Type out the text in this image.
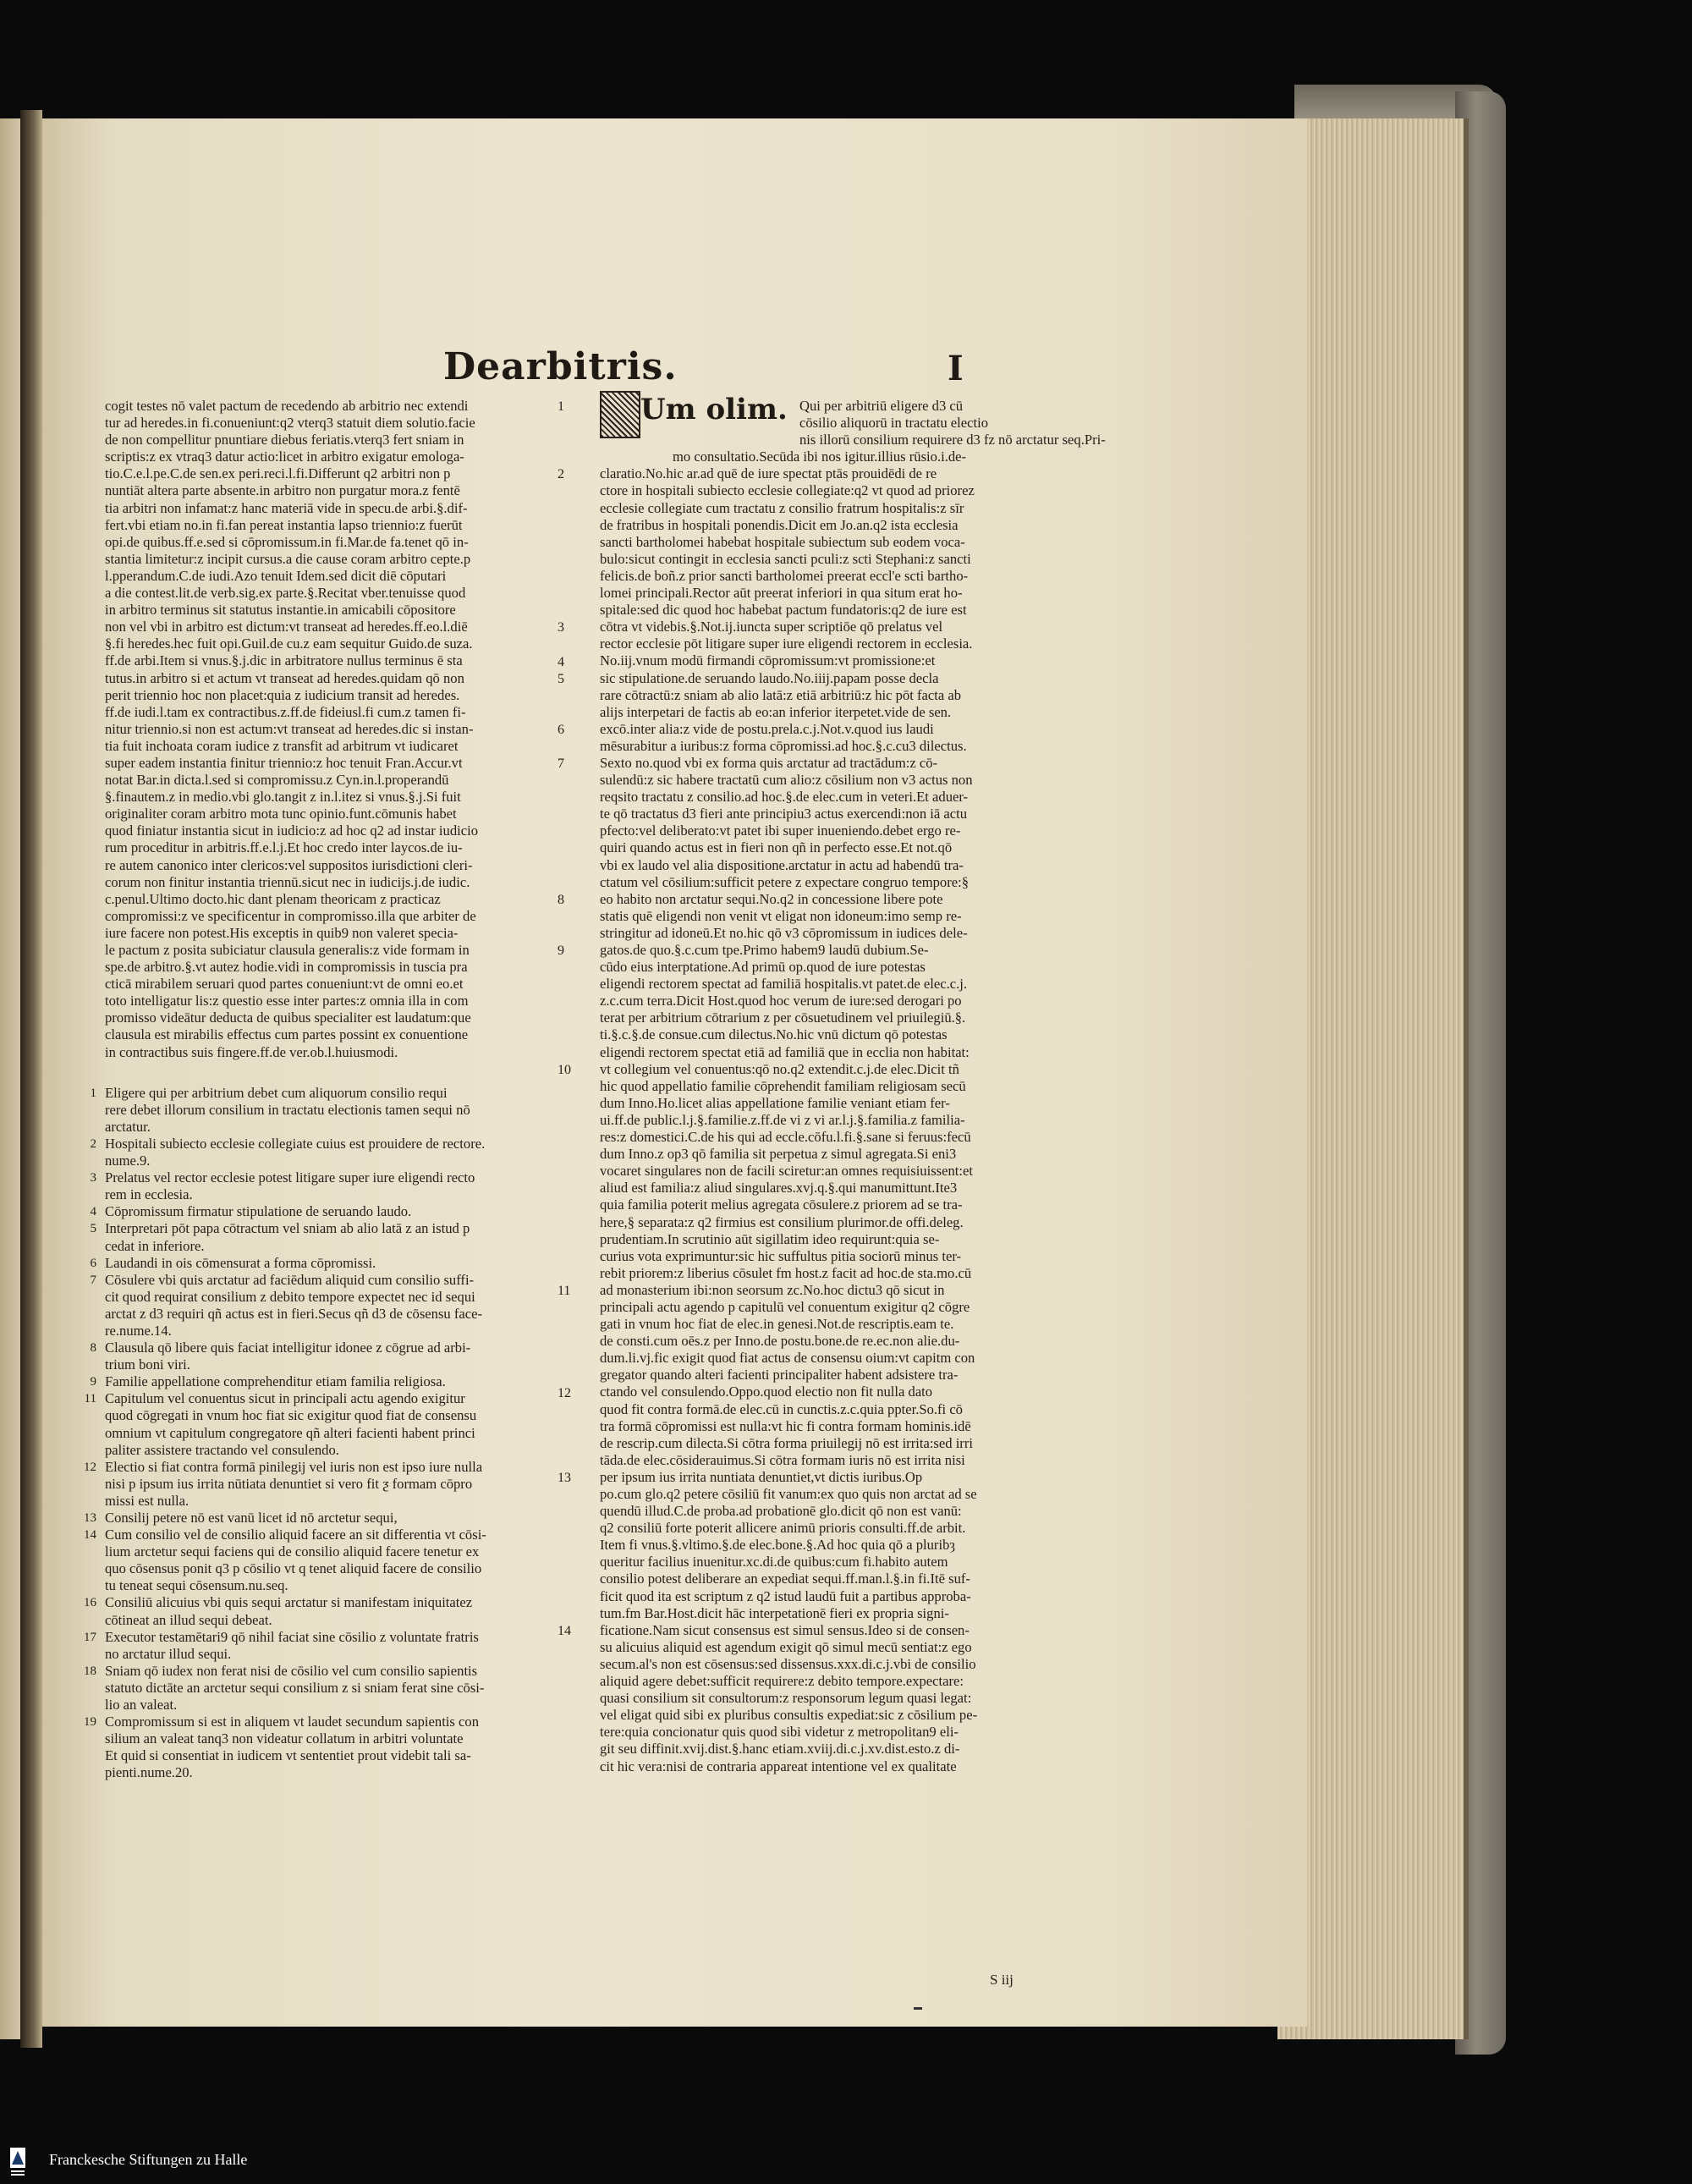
Dearbitris.	I

cogit testes nō valet pactum de recedendo ab arbitrio nec extendi

tur ad heredes.in fi.conueniunt:q2 vterq3 statuit diem solutio.facie

de non compellitur pnuntiare diebus feriatis.vterq3 fert sniam in

scriptis:z ex vtraq3 datur actio:licet in arbitro exigatur emologa-

tio.C.e.l.pe.C.de sen.ex peri.reci.l.fi.Differunt q2 arbitri non p

nuntiāt altera parte absente.in arbitro non purgatur mora.z fentē

tia arbitri non infamat:z hanc materiā vide in specu.de arbi.§.dif-

fert.vbi etiam no.in fi.fan pereat instantia lapso triennio:z fuerūt

opi.de quibus.ff.e.sed si cōpromissum.in fi.Mar.de fa.tenet qō in-

stantia limitetur:z incipit cursus.a die cause coram arbitro cepte.p

l.pperandum.C.de iudi.Azo tenuit Idem.sed dicit diē cōputari

a die contest.lit.de verb.sig.ex parte.§.Recitat vber.tenuisse quod

in arbitro terminus sit statutus instantie.in amicabili cōpositore

non vel vbi in arbitro est dictum:vt transeat ad heredes.ff.eo.l.diē

§.fi heredes.hec fuit opi.Guil.de cu.z eam sequitur Guido.de suza.

ff.de arbi.Item si vnus.§.j.dic in arbitratore nullus terminus ē sta

tutus.in arbitro si et actum vt transeat ad heredes.quidam qō non

perit triennio hoc non placet:quia z iudicium transit ad heredes.

ff.de iudi.l.tam ex contractibus.z.ff.de fideiusl.fi cum.z tamen fi-

nitur triennio.si non est actum:vt transeat ad heredes.dic si instan-

tia fuit inchoata coram iudice z transfit ad arbitrum vt iudicaret

super eadem instantia finitur triennio:z hoc tenuit Fran.Accur.vt

notat Bar.in dicta.l.sed si compromissu.z Cyn.in.l.properandū

§.finautem.z in medio.vbi glo.tangit z in.l.itez si vnus.§.j.Si fuit

originaliter coram arbitro mota tunc opinio.funt.cōmunis habet

quod finiatur instantia sicut in iudicio:z ad hoc q2 ad instar iudicio

rum proceditur in arbitris.ff.e.l.j.Et hoc credo inter laycos.de iu-

re autem canonico inter clericos:vel suppositos iurisdictioni cleri-

corum non finitur instantia triennū.sicut nec in iudicijs.j.de iudic.

c.penul.Ultimo docto.hic dant plenam theoricam z practicaz

compromissi:z ve specificentur in compromisso.illa que arbiter de

iure facere non potest.His exceptis in quib9 non valeret specia-

le pactum z posita subiciatur clausula generalis:z vide formam in

spe.de arbitro.§.vt autez hodie.vidi in compromissis in tuscia pra

cticā mirabilem seruari quod partes conueniunt:vt de omni eo.et

toto intelligatur lis:z questio esse inter partes:z omnia illa in com

promisso videātur deducta de quibus specialiter est laudatum:que

clausula est mirabilis effectus cum partes possint ex conuentione

in contractibus suis fingere.ff.de ver.ob.l.huiusmodi.

1 Eligere qui per arbitrium debet cum aliquorum consilio requi

rere debet illorum consilium in tractatu electionis tamen sequi nō

arctatur.

2 Hospitali subiecto ecclesie collegiate cuius est prouidere de rectore.

nume.9.

3 Prelatus vel rector ecclesie potest litigare super iure eligendi recto

rem in ecclesia.

4 Cōpromissum firmatur stipulatione de seruando laudo.

5 Interpretari pōt papa cōtractum vel sniam ab alio latā z an istud p

cedat in inferiore.

6 Laudandi in ois cōmensurat a forma cōpromissi.

7 Cōsulere vbi quis arctatur ad faciēdum aliquid cum consilio suffi-

cit quod requirat consilium z debito tempore expectet nec id sequi

arctat z d3 requiri qñ actus est in fieri.Secus qñ d3 de cōsensu face-

re.nume.14.

8 Clausula qō libere quis faciat intelligitur idonee z cōgrue ad arbi-

trium boni viri.

9 Familie appellatione comprehenditur etiam familia religiosa.

11 Capitulum vel conuentus sicut in principali actu agendo exigitur

quod cōgregati in vnum hoc fiat sic exigitur quod fiat de consensu

omnium vt capitulum congregatore qñ alteri facienti habent princi

paliter assistere tractando vel consulendo.

12 Electio si fiat contra formā pinilegij vel iuris non est ipso iure nulla

nisi p ipsum ius irrita nūtiata denuntiet si vero fit ƺ formam cōpro

missi est nulla.

13 Consilij petere nō est vanū licet id nō arctetur sequi,

14 Cum consilio vel de consilio aliquid facere an sit differentia vt cōsi-

lium arctetur sequi faciens qui de consilio aliquid facere tenetur ex

quo cōsensus ponit q3 p cōsilio vt q tenet aliquid facere de consilio

tu teneat sequi cōsensum.nu.seq.

16 Consiliū alicuius vbi quis sequi arctatur si manifestam iniquitatez

cōtineat an illud sequi debeat.

17 Executor testamētari9 qō nihil faciat sine cōsilio z voluntate fratris

no arctatur illud sequi.

18 Sniam qō iudex non ferat nisi de cōsilio vel cum consilio sapientis

statuto dictāte an arctetur sequi consilium z si sniam ferat sine cōsi-

lio an valeat.

19 Compromissum si est in aliquem vt laudet secundum sapientis con

silium an valeat tanq3 non videatur collatum in arbitri voluntate

Et quid si consentiat in iudicem vt sententiet prout videbit tali sa-

pienti.nume.20.

Um olim. Qui per arbitriū eligere d3 cū

cōsilio aliquorū in tractatu electio

nis illorū consilium requirere d3 fz nō arctatur seq.Pri-

mo consultatio.Secūda ibi nos igitur.illius rūsio.i.de-

claratio.No.hic ar.ad quē de iure spectat ptās prouidēdi de re

ctore in hospitali subiecto ecclesie collegiate:q2 vt quod ad priorez

ecclesie collegiate cum tractatu z consilio fratrum hospitalis:z sīr

de fratribus in hospitali ponendis.Dicit em Jo.an.q2 ista ecclesia

sancti bartholomei habebat hospitale subiectum sub eodem voca-

bulo:sicut contingit in ecclesia sancti pculi:z scti Stephani:z sancti

felicis.de boñ.z prior sancti bartholomei preerat eccl'e scti bartho-

lomei principali.Rector aūt preerat inferiori in qua situm erat ho-

spitale:sed dic quod hoc habebat pactum fundatoris:q2 de iure est

cōtra vt videbis.§.Not.ij.iuncta super scriptiōe qō prelatus vel

rector ecclesie pōt litigare super iure eligendi rectorem in ecclesia.

No.iij.vnum modū firmandi cōpromissum:vt promissione:et

sic stipulatione.de seruando laudo.No.iiij.papam posse decla

rare cōtractū:z sniam ab alio latā:z etiā arbitriū:z hic pōt facta ab

alijs interpetari de factis ab eo:an inferior iterpetet.vide de sen.

excō.inter alia:z vide de postu.prela.c.j.Not.v.quod ius laudi

mēsurabitur a iuribus:z forma cōpromissi.ad hoc.§.c.cu3 dilectus.

Sexto no.quod vbi ex forma quis arctatur ad tractādum:z cō-

sulendū:z sic habere tractatū cum alio:z cōsilium non v3 actus non

reqsito tractatu z consilio.ad hoc.§.de elec.cum in veteri.Et aduer-

te qō tractatus d3 fieri ante principiu3 actus exercendi:non iā actu

pfecto:vel deliberato:vt patet ibi super inueniendo.debet ergo re-

quiri quando actus est in fieri non qñ in perfecto esse.Et not.qō

vbi ex laudo vel alia dispositione.arctatur in actu ad habendū tra-

ctatum vel cōsilium:sufficit petere z expectare congruo tempore:§

eo habito non arctatur sequi.No.q2 in concessione libere pote

statis quē eligendi non venit vt eligat non idoneum:imo semp re-

stringitur ad idoneū.Et no.hic qō v3 cōpromissum in iudices dele-

gatos.de quo.§.c.cum tpe.Primo habem9 laudū dubium.Se-

cūdo eius interptatione.Ad primū op.quod de iure potestas

eligendi rectorem spectat ad familiā hospitalis.vt patet.de elec.c.j.

z.c.cum terra.Dicit Host.quod hoc verum de iure:sed derogari po

terat per arbitrium cōtrarium z per cōsuetudinem vel priuilegiū.§.

ti.§.c.§.de consue.cum dilectus.No.hic vnū dictum qō potestas

eligendi rectorem spectat etiā ad familiā que in ecclia non habitat:

vt collegium vel conuentus:qō no.q2 extendit.c.j.de elec.Dicit tñ

hic quod appellatio familie cōprehendit familiam religiosam secū

dum Inno.Ho.licet alias appellatione familie veniant etiam fer-

ui.ff.de public.l.j.§.familie.z.ff.de vi z vi ar.l.j.§.familia.z familia-

res:z domestici.C.de his qui ad eccle.cōfu.l.fi.§.sane si feruus:fecū

dum Inno.z op3 qō familia sit perpetua z simul agregata.Si eni3

vocaret singulares non de facili sciretur:an omnes requisiuissent:et

aliud est familia:z aliud singulares.xvj.q.§.qui manumittunt.Ite3

quia familia poterit melius agregata cōsulere.z priorem ad se tra-

here,§ separata:z q2 firmius est consilium plurimor.de offi.deleg.

prudentiam.In scrutinio aūt sigillatim ideo requirunt:quia se-

curius vota exprimuntur:sic hic suffultus pitia sociorū minus ter-

rebit priorem:z liberius cōsulet fm host.z facit ad hoc.de sta.mo.cū

ad monasterium ibi:non seorsum zc.No.hoc dictu3 qō sicut in

principali actu agendo p capitulū vel conuentum exigitur q2 cōgre

gati in vnum hoc fiat de elec.in genesi.Not.de rescriptis.eam te.

de consti.cum oēs.z per Inno.de postu.bone.de re.ec.non alie.du-

dum.li.vj.fic exigit quod fiat actus de consensu oium:vt capitm con

gregator quando alteri facienti principaliter habent adsistere tra-

ctando vel consulendo.Oppo.quod electio non fit nulla dato

quod fit contra formā.de elec.cū in cunctis.z.c.quia ppter.So.fi cō

tra formā cōpromissi est nulla:vt hic fi contra formam hominis.idē

de rescrip.cum dilecta.Si cōtra forma priuilegij nō est irrita:sed irri

tāda.de elec.cōsiderauimus.Si cōtra formam iuris nō est irrita nisi

per ipsum ius irrita nuntiata denuntiet,vt dictis iuribus.Op

po.cum glo.q2 petere cōsiliū fit vanum:ex quo quis non arctat ad se

quendū illud.C.de proba.ad probationē glo.dicit qō non est vanū:

q2 consiliū forte poterit allicere animū prioris consulti.ff.de arbit.

Item fi vnus.§.vltimo.§.de elec.bone.§.Ad hoc quia qō a pluribȝ

queritur facilius inuenitur.xc.di.de quibus:cum fi.habito autem

consilio potest deliberare an expediat sequi.ff.man.l.§.in fi.Itē suf-

ficit quod ita est scriptum z q2 istud laudū fuit a partibus approba-

tum.fm Bar.Host.dicit hāc interpetationē fieri ex propria signi-

ficatione.Nam sicut consensus est simul sensus.Ideo si de consen-

su alicuius aliquid est agendum exigit qō simul mecū sentiat:z ego

secum.al's non est cōsensus:sed dissensus.xxx.di.c.j.vbi de consilio

aliquid agere debet:sufficit requirere:z debito tempore.expectare:

quasi consilium sit consultorum:z responsorum legum quasi legat:

vel eligat quid sibi ex pluribus consultis expediat:sic z cōsilium pe-

tere:quia concionatur quis quod sibi videtur z metropolitan9 eli-

git seu diffinit.xvij.dist.§.hanc etiam.xviij.di.c.j.xv.dist.esto.z di-

cit hic vera:nisi de contraria appareat intentione vel ex qualitate

1
2
3
4
5
6
7
8
9
10
11
12
13
14
S iij
Franckesche Stiftungen zu Halle
